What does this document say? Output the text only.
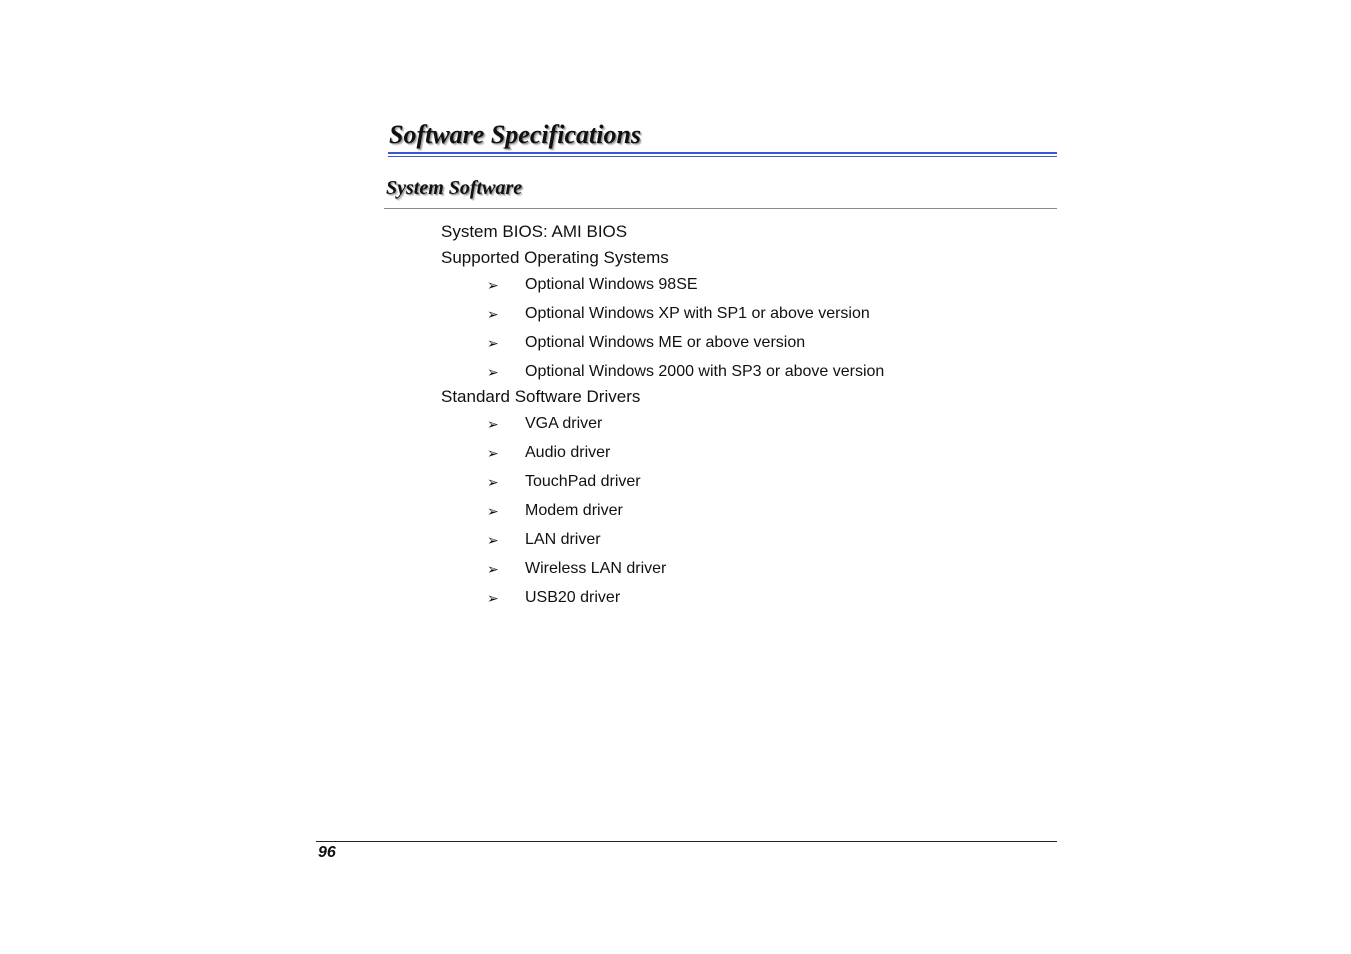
Software Specifications
System Software

System BIOS: AMI BIOS

Supported Operating Systems

➢ Optional Windows 98SE
➢ Optional Windows XP with SP1 or above version
➢ Optional Windows ME or above version
➢ Optional Windows 2000 with SP3 or above version

Standard Software Drivers

➢ VGA driver
➢ Audio driver
➢ TouchPad driver
➢ Modem driver
➢ LAN driver
➢ Wireless LAN driver
➢ USB20 driver
96
